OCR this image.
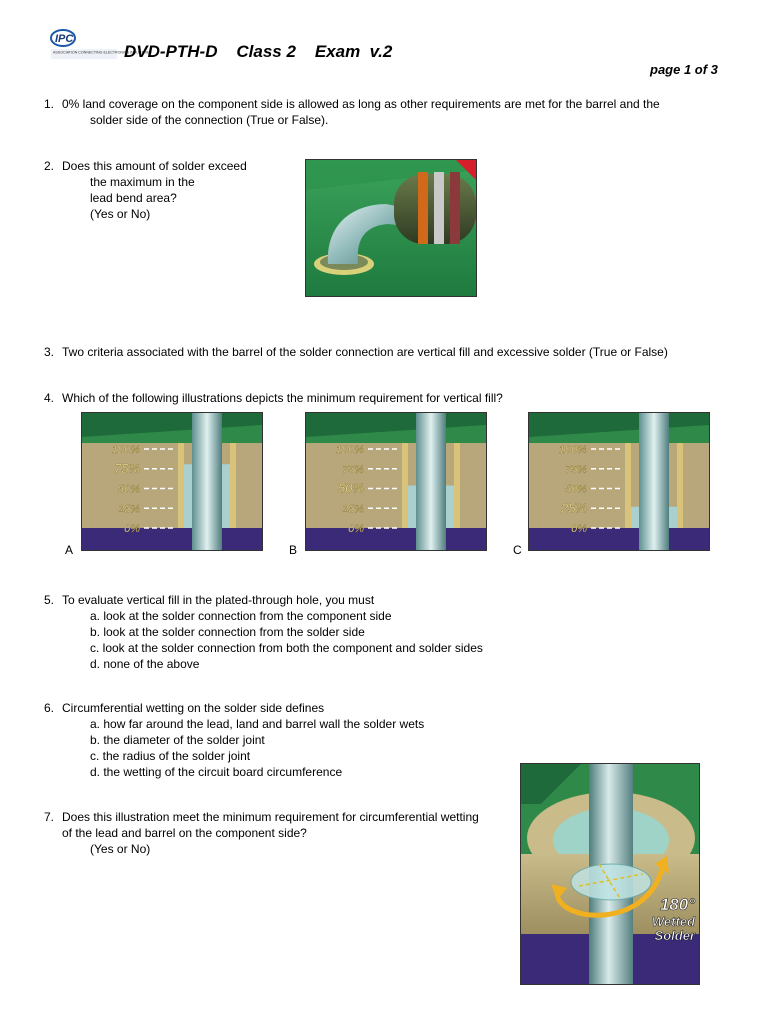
IPC
ASSOCIATION CONNECTING ELECTRONICS INDUSTRIES
DVD-PTH-D    Class 2    Exam  v.2
page 1 of 3
1. 0% land coverage on the component side is allowed as long as other requirements are met for the barrel and the
solder side of the connection (True or False).
2. Does this amount of solder exceed
the maximum in the
lead bend area?
(Yes or No)
3. Two criteria associated with the barrel of the solder connection are vertical fill and excessive solder (True or False)
4. Which of the following illustrations depicts the minimum requirement for vertical fill?
100%
75%
50%
25%
0%
100%
75%
50%
25%
0%
100%
75%
50%
25%
0%
A	B	C
5. To evaluate vertical fill in the plated-through hole, you must
a. look at the solder connection from the component side
b. look at the solder connection from the solder side
c. look at the solder connection from both the component and solder sides
d. none of the above
6. Circumferential wetting on the solder side defines
a. how far around the lead, land and barrel wall the solder wets
b. the diameter of the solder joint
c. the radius of the solder joint
d. the wetting of the circuit board circumference
7. Does this illustration meet the minimum requirement for circumferential wetting
of the lead and barrel on the component side?
(Yes or No)
180°
Wetted
Solder
